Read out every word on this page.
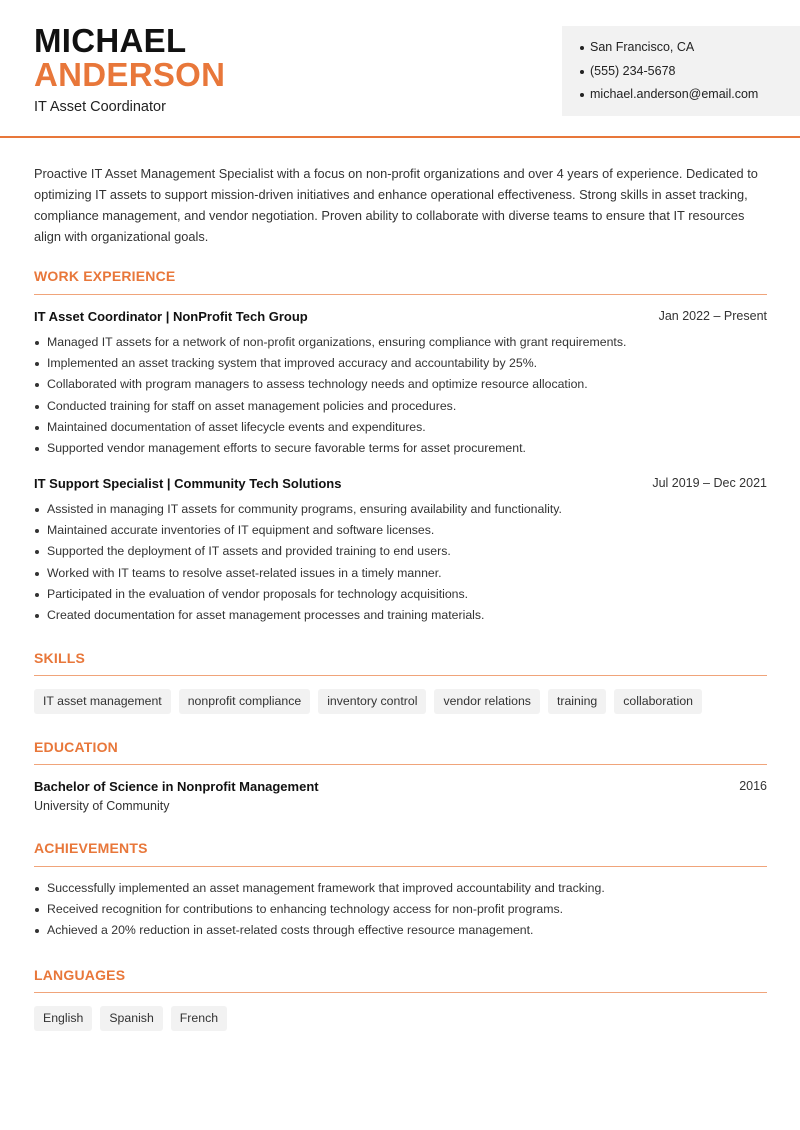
MICHAEL
ANDERSON
IT Asset Coordinator
San Francisco, CA
(555) 234-5678
michael.anderson@email.com

Proactive IT Asset Management Specialist with a focus on non-profit organizations and over 4 years of experience. Dedicated to optimizing IT assets to support mission-driven initiatives and enhance operational effectiveness. Strong skills in asset tracking, compliance management, and vendor negotiation. Proven ability to collaborate with diverse teams to ensure that IT resources align with organizational goals.

WORK EXPERIENCE
IT Asset Coordinator | NonProfit Tech Group	Jan 2022 – Present
Managed IT assets for a network of non-profit organizations, ensuring compliance with grant requirements.
Implemented an asset tracking system that improved accuracy and accountability by 25%.
Collaborated with program managers to assess technology needs and optimize resource allocation.
Conducted training for staff on asset management policies and procedures.
Maintained documentation of asset lifecycle events and expenditures.
Supported vendor management efforts to secure favorable terms for asset procurement.
IT Support Specialist | Community Tech Solutions	Jul 2019 – Dec 2021
Assisted in managing IT assets for community programs, ensuring availability and functionality.
Maintained accurate inventories of IT equipment and software licenses.
Supported the deployment of IT assets and provided training to end users.
Worked with IT teams to resolve asset-related issues in a timely manner.
Participated in the evaluation of vendor proposals for technology acquisitions.
Created documentation for asset management processes and training materials.
SKILLS
IT asset management	nonprofit compliance	inventory control	vendor relations	training	collaboration
EDUCATION
Bachelor of Science in Nonprofit Management	2016
University of Community
ACHIEVEMENTS
Successfully implemented an asset management framework that improved accountability and tracking.
Received recognition for contributions to enhancing technology access for non-profit programs.
Achieved a 20% reduction in asset-related costs through effective resource management.
LANGUAGES
English	Spanish	French
